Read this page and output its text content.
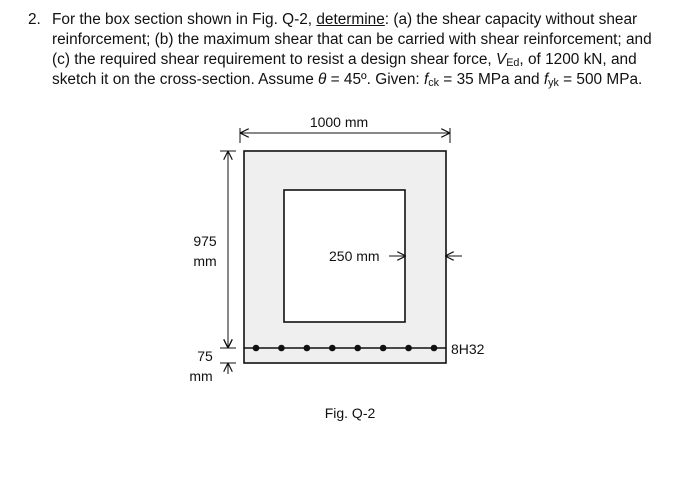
2. For the box section shown in Fig. Q-2, determine: (a) the shear capacity without shear
reinforcement; (b) the maximum shear that can be carried with shear reinforcement; and
(c) the required shear requirement to resist a design shear force, $V_{Ed}$, of 1200 kN, and
sketch it on the cross-section. Assume θ = 45º. Given: $f_{ck} = 35$ MPa and $f_{yk} = 500$ MPa.
1000 mm
975
mm
75
mm
250 mm
8H32
Fig. Q-2
